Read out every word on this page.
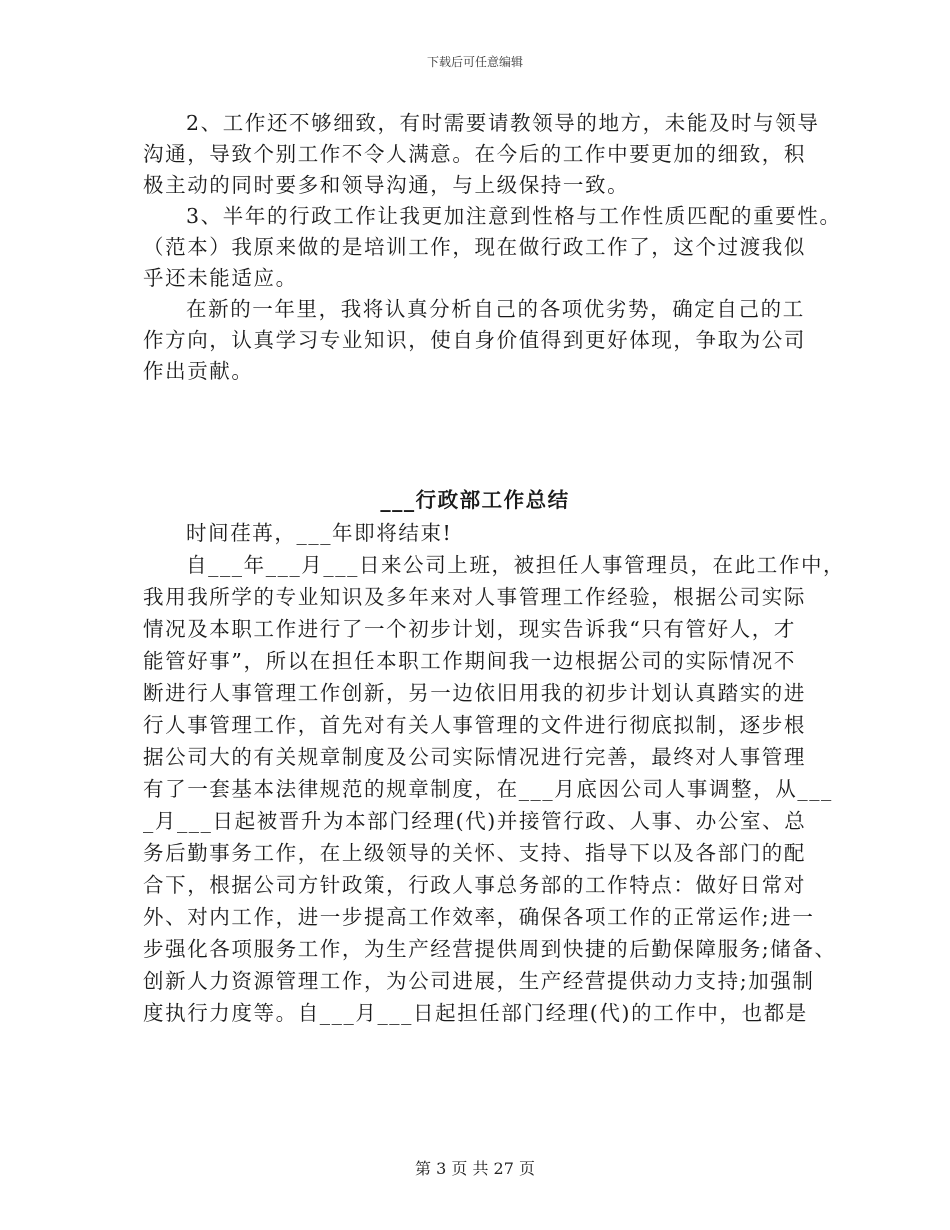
下载后可任意编辑
2、工作还不够细致，有时需要请教领导的地方，未能及时与领导
沟通，导致个别工作不令人满意。在今后的工作中要更加的细致，积
极主动的同时要多和领导沟通，与上级保持一致。
3、半年的行政工作让我更加注意到性格与工作性质匹配的重要性。
（范本）我原来做的是培训工作，现在做行政工作了，这个过渡我似
乎还未能适应。
在新的一年里，我将认真分析自己的各项优劣势，确定自己的工
作方向，认真学习专业知识，使自身价值得到更好体现，争取为公司
作出贡献。
___行政部工作总结
时间荏苒，___年即将结束!
自___年___月___日来公司上班，被担任人事管理员，在此工作中，
我用我所学的专业知识及多年来对人事管理工作经验，根据公司实际
情况及本职工作进行了一个初步计划，现实告诉我“只有管好人，才
能管好事”，所以在担任本职工作期间我一边根据公司的实际情况不
断进行人事管理工作创新，另一边依旧用我的初步计划认真踏实的进
行人事管理工作，首先对有关人事管理的文件进行彻底拟制，逐步根
据公司大的有关规章制度及公司实际情况进行完善，最终对人事管理
有了一套基本法律规范的规章制度，在___月底因公司人事调整，从___
_月___日起被晋升为本部门经理(代)并接管行政、人事、办公室、总
务后勤事务工作，在上级领导的关怀、支持、指导下以及各部门的配
合下，根据公司方针政策，行政人事总务部的工作特点：做好日常对
外、对内工作，进一步提高工作效率，确保各项工作的正常运作;进一
步强化各项服务工作，为生产经营提供周到快捷的后勤保障服务;储备、
创新人力资源管理工作，为公司进展，生产经营提供动力支持;加强制
度执行力度等。自___月___日起担任部门经理(代)的工作中，也都是
第 3 页 共 27 页
